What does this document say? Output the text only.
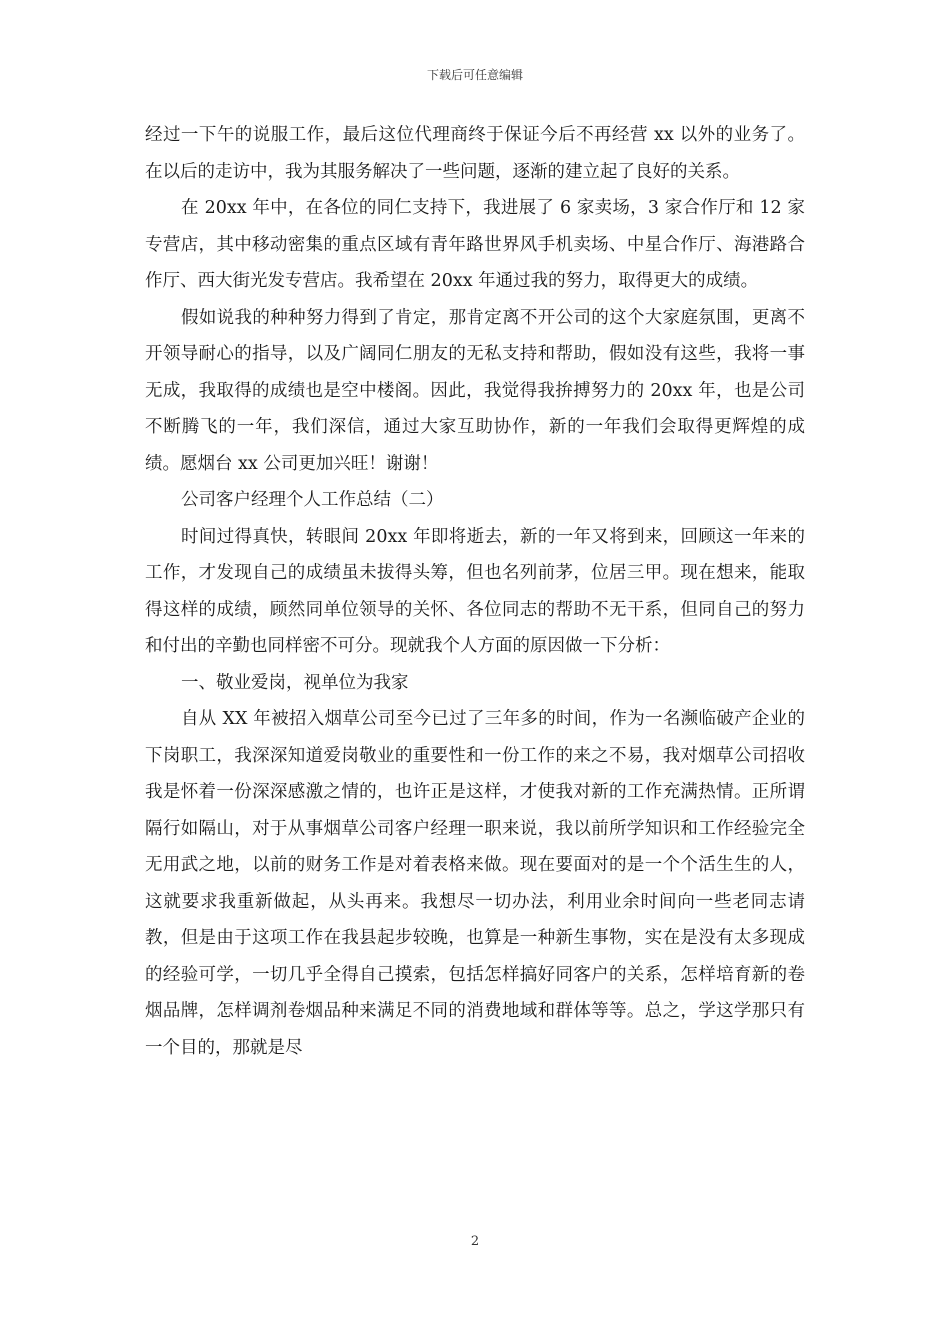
下载后可任意编辑

经过一下午的说服工作，最后这位代理商终于保证今后不再经营 xx 以外的业务了。在以后的走访中，我为其服务解决了一些问题，逐渐的建立起了良好的关系。

在 20xx 年中，在各位的同仁支持下，我进展了 6 家卖场，3 家合作厅和 12 家专营店，其中移动密集的重点区域有青年路世界风手机卖场、中星合作厅、海港路合作厅、西大街光发专营店。我希望在 20xx 年通过我的努力，取得更大的成绩。

假如说我的种种努力得到了肯定，那肯定离不开公司的这个大家庭氛围，更离不开领导耐心的指导，以及广阔同仁朋友的无私支持和帮助，假如没有这些，我将一事无成，我取得的成绩也是空中楼阁。因此，我觉得我拚搏努力的 20xx 年，也是公司不断腾飞的一年，我们深信，通过大家互助协作，新的一年我们会取得更辉煌的成绩。愿烟台 xx 公司更加兴旺！谢谢！

公司客户经理个人工作总结（二）

时间过得真快，转眼间 20xx 年即将逝去，新的一年又将到来，回顾这一年来的工作，才发现自己的成绩虽未拔得头筹，但也名列前茅，位居三甲。现在想来，能取得这样的成绩，顾然同单位领导的关怀、各位同志的帮助不无干系，但同自己的努力和付出的辛勤也同样密不可分。现就我个人方面的原因做一下分析：

一、敬业爱岗，视单位为我家

自从 XX 年被招入烟草公司至今已过了三年多的时间，作为一名濒临破产企业的下岗职工，我深深知道爱岗敬业的重要性和一份工作的来之不易，我对烟草公司招收我是怀着一份深深感激之情的，也许正是这样，才使我对新的工作充满热情。正所谓隔行如隔山，对于从事烟草公司客户经理一职来说，我以前所学知识和工作经验完全无用武之地，以前的财务工作是对着表格来做。现在要面对的是一个个活生生的人，这就要求我重新做起，从头再来。我想尽一切办法，利用业余时间向一些老同志请教，但是由于这项工作在我县起步较晚，也算是一种新生事物，实在是没有太多现成的经验可学，一切几乎全得自己摸索，包括怎样搞好同客户的关系，怎样培育新的卷烟品牌，怎样调剂卷烟品种来满足不同的消费地域和群体等等。总之，学这学那只有一个目的，那就是尽

2
